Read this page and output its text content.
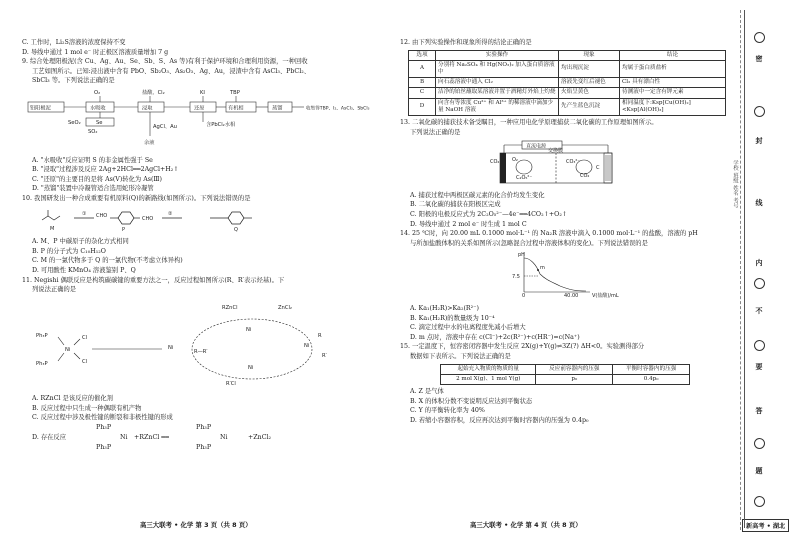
C. 工作时，Li₂S溶液的浓度保持不变
D. 导线中通过 1 mol e⁻ 时正极区溶液质量增加 7 g
9. 综合处理阳极泥(含 Cu、Ag、Au、Se、Sb、S、As 等)有利于保护环境和合理利用资源，一种回收
工艺如图所示。已知:浸出液中含有 PbO、Sb₂O₃、As₂O₃、Ag、Au，浸渣中含有 AsCl₃、PbCl₂、
SbCl₃ 等。下列说法正确的是
O₂	盐酸、Cl₂	KI	TBP
铅阳极泥	水吸收	浸取	还原	有机相	蒸馏	收集得TBP、I₂、AsCl₃、SbCl₃
SeO₂
SO₂
Se
AgCl、Au	含PbCl₂水相
余液
A. "水吸收"反应证明 S 的非金属性强于 Se
B. "浸取"过程涉及反应 2Ag+2HCl══2AgCl+H₂↑
C. "还原"的主要目的是将 As(Ⅴ)转化为 As(Ⅲ)
D. "蒸馏"装置中冷凝管适合选用蛇形冷凝管
10. 我国研发出一种合成重要有机原料(Q)的新路线(如图所示)。下列说法错误的是
CHO
①	②
CHO
M	P	Q
A. M、P 中碳原子的杂化方式相同
B. P 的分子式为 C₁₀H₁₂O
C. M 的一氯代物多于 Q 的一氯代物(不考虑立体异构)
D. 可用酸性 KMnO₄ 溶液鉴别 P、Q
11. Negishi 偶联反应是构筑碳碳键的重要方法之一，反应过程如图所示(R、R′表示烃基)。下
列说法正确的是
Ph₃P
Ni
Cl
Ph₃P	Cl
RZnCl	ZnCl₂
R—R′
R′Cl
Ni
Ni
Ni
Ni
R
R′
A. RZnCl 是该反应的催化剂
B. 反应过程中只生成一种偶联有机产物
C. 反应过程中涉及极性键的断裂和非极性键的形成
D. 存在反应	+RZnCl ══	+ZnCl₂
Ph₃P
Ni
Ph₃P
Ph₃P
Ni
Ph₃P
12. 由下列实验操作和现象所得的结论正确的是
选项	实验操作	现象	结论
A	分别将 Na₂SO₄ 和 Hg(NO₃)₂ 加入蛋白质溶液中	均出现沉淀	均属于蛋白质盐析
B	向石蕊溶液中通入 Cl₂	溶液先变红后褪色	Cl₂ 具有漂白性
C	洁净的铂丝蘸取某溶液并置于酒精灯外焰上灼烧	火焰呈黄色	待测液中一定含有钾元素
D	向含有等浓度 Cu²⁺ 和 Al³⁺ 的稀溶液中滴加少量 NaOH 溶液	先产生蓝色沉淀	相同温度下:Ksp[Cu(OH)₂]<Ksp[Al(OH)₃]
13. 二氧化碳的捕获技术备受瞩目，一种应用电化学原理捕获二氧化碳的工作原理如图所示。
下列说法正确的是
直流电源
交换膜
CO₂	O₂
C₂O₅²⁻
CO₃²⁻
C
CO₂
A. 捕获过程中两极区碳元素的化合价均发生变化
B. 二氧化碳的捕获在阳极区完成
C. 阳极的电极反应式为 2C₂O₅²⁻—4e⁻══4CO₂↑+O₂↑
D. 导线中通过 2 mol e⁻ 时生成 1 mol C
14. 25 ℃时，向 20.00 mL 0.1000 mol·L⁻¹ 的 Na₂R 溶液中滴入 0.1000 mol·L⁻¹ 的盐酸，溶液的 pH
与所加盐酸体积的关系如图所示(忽略混合过程中溶液体积的变化)。下列说法错误的是
pH
m
7.5
0	40.00	V(盐酸)/mL
A. Ka₁(H₂R)>Ka₂(R²⁻)
B. Ka₁(H₂R)的数量级为 10⁻⁴
C. 滴定过程中水的电离程度先减小后增大
D. m 点时，溶液中存在 c(Cl⁻)+2c(R²⁻)+c(HR⁻)=c(Na⁺)
15. 一定温度下，恒容密闭容器中发生反应 2X(g)+Y(g)⇌3Z(?) ΔH<0。实验测得部分
数据如下表所示。下列说法正确的是
起始充入物质的物质的量	反应前容器内的压强	平衡时容器内的压强
2 mol X(g)、1 mol Y(g)	p₀	0.4p₀
A. Z 是气体
B. X 的体积分数不变说明反应达到平衡状态
C. Y 的平衡转化率为 40%
D. 若缩小容器容积，反应再次达到平衡时容器内的压强为 0.4p₀
高三大联考 • 化学 第 3 页（共 8 页）	高三大联考 • 化学 第 4 页（共 8 页）	新高考 • 湖北
密
封
线
内
不
要
答
题
学校 班级 姓名 考号
